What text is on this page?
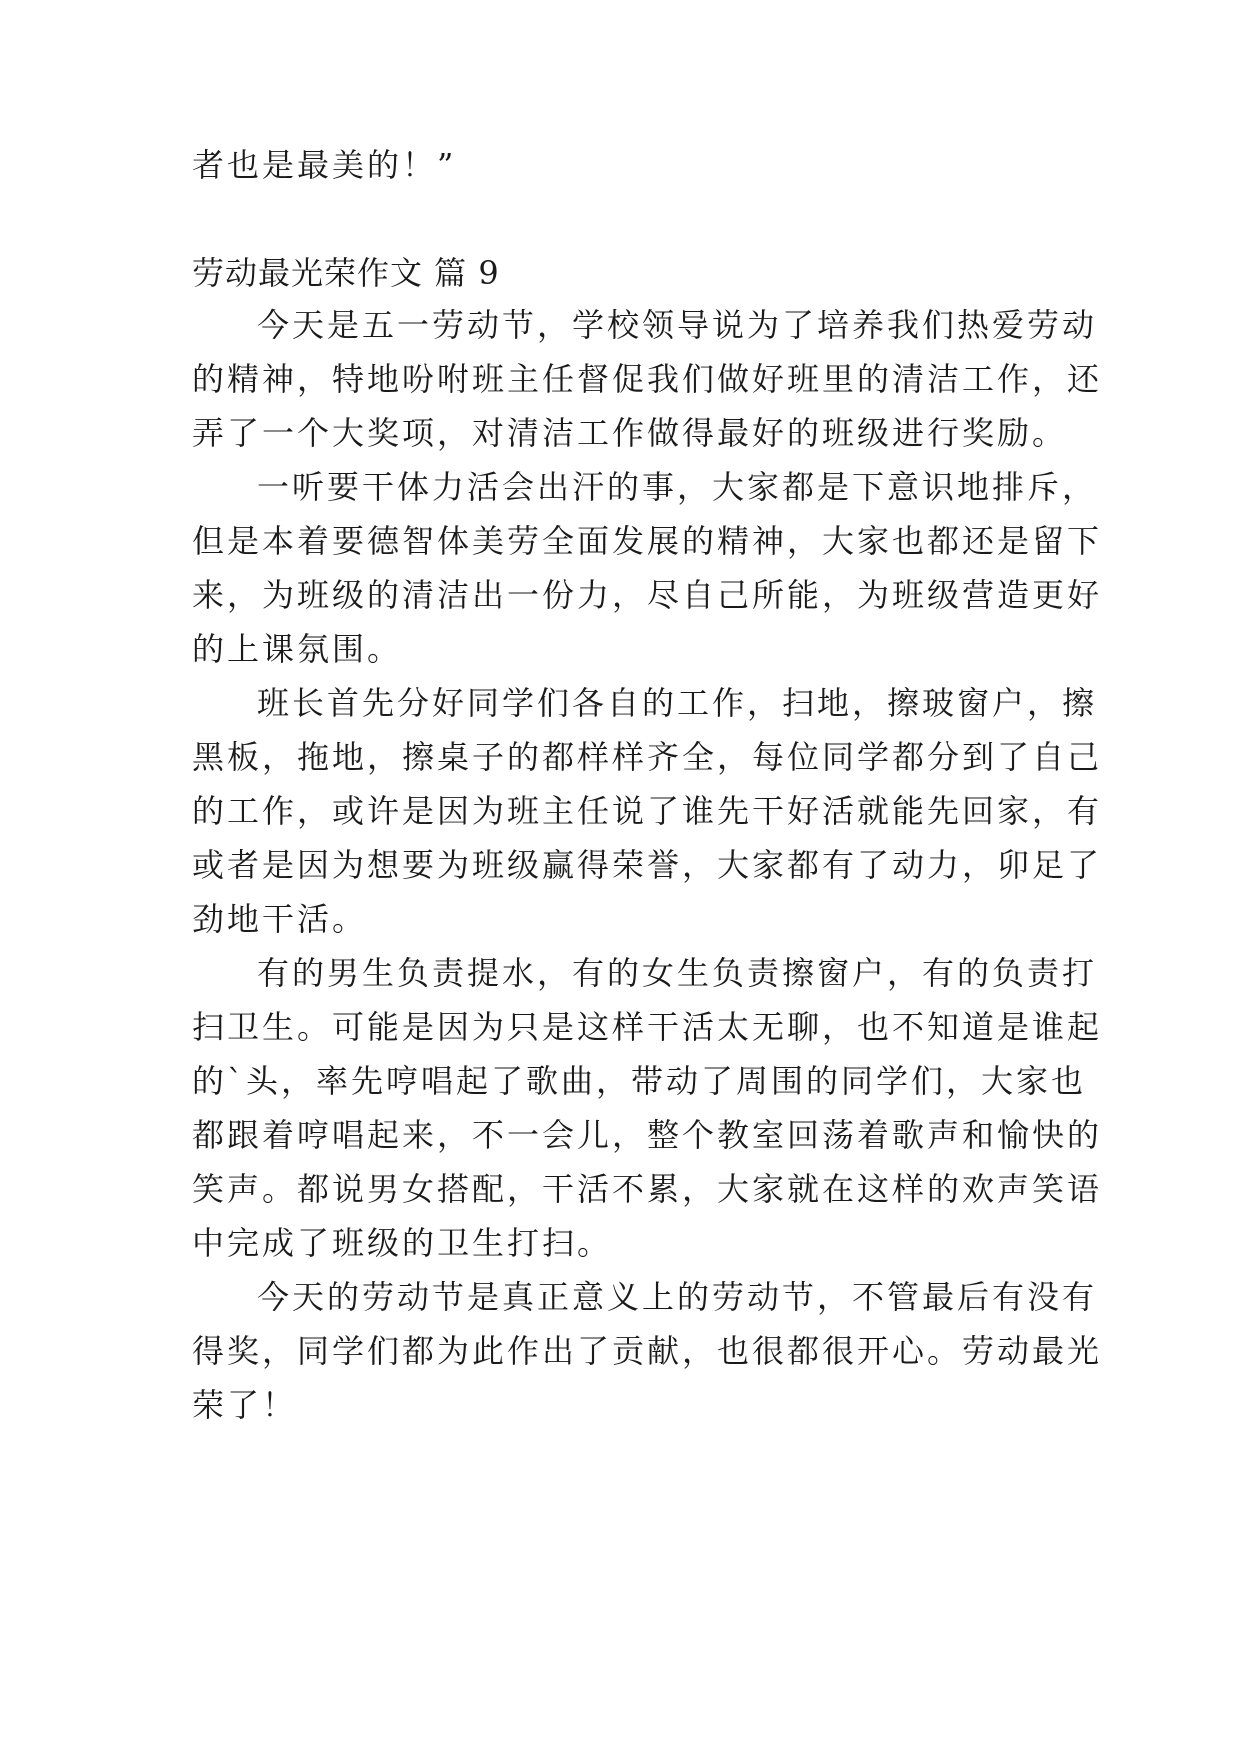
者也是最美的！”
劳动最光荣作文 篇 9
今天是五一劳动节，学校领导说为了培养我们热爱劳动
的精神，特地吩咐班主任督促我们做好班里的清洁工作，还
弄了一个大奖项，对清洁工作做得最好的班级进行奖励。
一听要干体力活会出汗的事，大家都是下意识地排斥，
但是本着要德智体美劳全面发展的精神，大家也都还是留下
来，为班级的清洁出一份力，尽自己所能，为班级营造更好
的上课氛围。
班长首先分好同学们各自的工作，扫地，擦玻窗户，擦
黑板，拖地，擦桌子的都样样齐全，每位同学都分到了自己
的工作，或许是因为班主任说了谁先干好活就能先回家，有
或者是因为想要为班级赢得荣誉，大家都有了动力，卯足了
劲地干活。
有的男生负责提水，有的女生负责擦窗户，有的负责打
扫卫生。可能是因为只是这样干活太无聊，也不知道是谁起
的`头，率先哼唱起了歌曲，带动了周围的同学们，大家也
都跟着哼唱起来，不一会儿，整个教室回荡着歌声和愉快的
笑声。都说男女搭配，干活不累，大家就在这样的欢声笑语
中完成了班级的卫生打扫。
今天的劳动节是真正意义上的劳动节，不管最后有没有
得奖，同学们都为此作出了贡献，也很都很开心。劳动最光
荣了！
